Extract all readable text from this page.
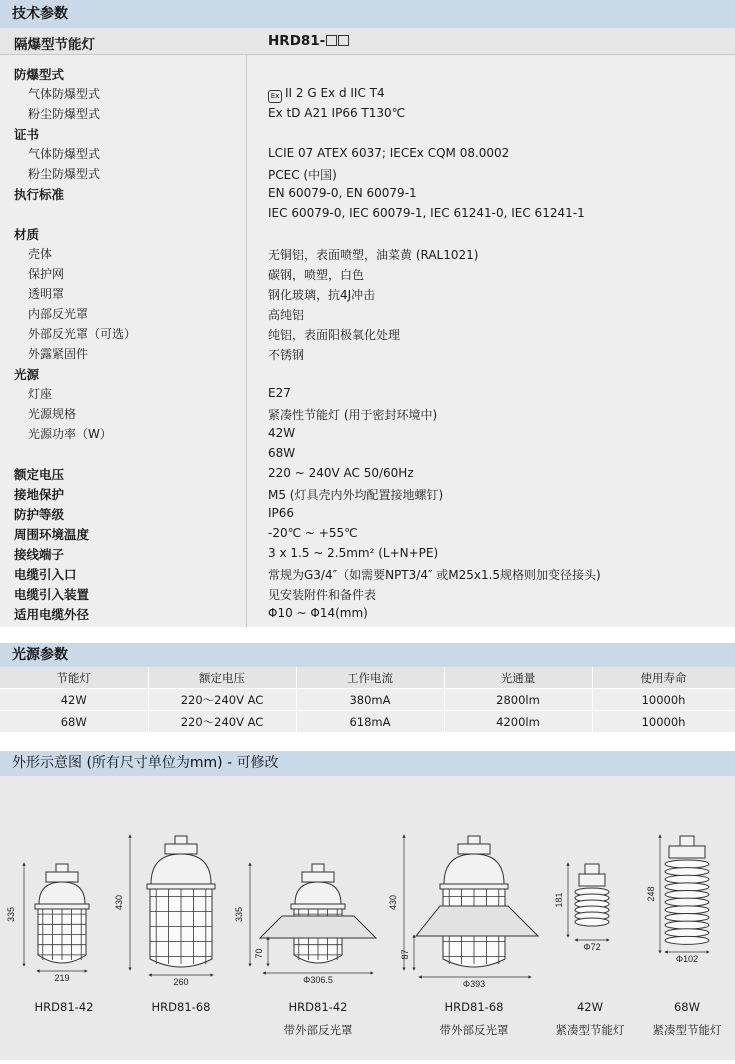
技术参数
隔爆型节能灯	HRD81-
防爆型式
气体防爆型式	Ex II 2 G Ex d IIC T4
粉尘防爆型式	Ex tD A21 IP66 T130℃
证书
气体防爆型式	LCIE 07 ATEX 6037; IECEx CQM 08.0002
粉尘防爆型式	PCEC (中国)
执行标准	EN 60079-0, EN 60079-1
IEC 60079-0, IEC 60079-1, IEC 61241-0, IEC 61241-1
材质
壳体	无铜铝，表面喷塑，油菜黄 (RAL1021)
保护网	碳钢，喷塑，白色
透明罩	钢化玻璃，抗4J冲击
内部反光罩	高纯铝
外部反光罩（可选）	纯铝，表面阳极氧化处理
外露紧固件	不锈钢
光源
灯座	E27
光源规格	紧凑性节能灯 (用于密封环境中)
光源功率（W）	42W
68W
额定电压	220 ~ 240V AC 50/60Hz
接地保护	M5 (灯具壳内外均配置接地螺钉)
防护等级	IP66
周围环境温度	-20℃ ~ +55℃
接线端子	3 x 1.5 ~ 2.5mm² (L+N+PE)
电缆引入口	常规为G3/4″（如需要NPT3/4″ 或M25x1.5规格则加变径接头)
电缆引入装置	见安装附件和备件表
适用电缆外径	Φ10 ~ Φ14(mm)
光源参数
节能灯	额定电压	工作电流	光通量	使用寿命
42W	220～240V AC	380mA	2800lm	10000h
68W	220～240V AC	618mA	4200lm	10000h
外形示意图 (所有尺寸单位为mm) - 可修改
335
219
430
260
335
70
Φ306.5
430
87
Φ393
181
Φ72
248
Φ102
HRD81-42	HRD81-68	HRD81-42
带外部反光罩
HRD81-68
带外部反光罩
42W
紧凑型节能灯
68W
紧凑型节能灯
